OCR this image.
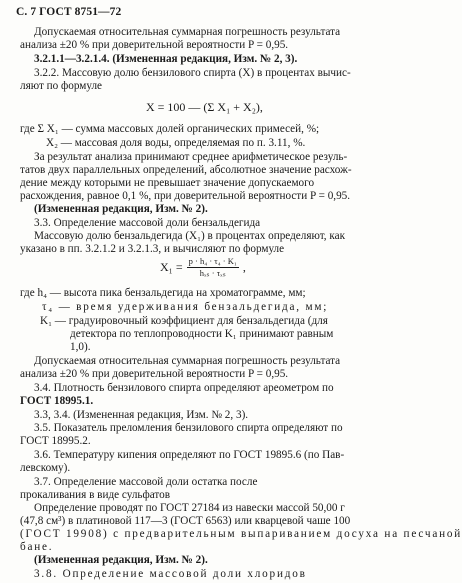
С. 7 ГОСТ 8751—72
Допускаемая относительная суммарная погрешность результата
анализа ±20 % при доверительной вероятности P = 0,95.
3.2.1.1—3.2.1.4. (Измененная редакция, Изм. № 2, 3).
3.2.2. Массовую долю бензилового спирта (X) в процентах вычис-
ляют по формуле
где Σ X₁ — сумма массовых долей органических примесей, %;
X₂ — массовая доля воды, определяемая по п. 3.11, %.
За результат анализа принимают среднее арифметическое резуль-
татов двух параллельных определений, абсолютное значение расхож-
дение между которыми не превышает значение допускаемого
расхождения, равное 0,1 %, при доверительной вероятности P = 0,95.
(Измененная редакция, Изм. № 2).
3.3. Определение массовой доли бензальдегида
Массовую долю бензальдегида (X₁) в процентах определяют, как
указано в пп. 3.2.1.2 и 3.2.1.3, и вычисляют по формуле
где h₄ — высота пика бензальдегида на хроматограмме, мм;
τ₄ — время удерживания бензальдегида, мм;
K₁ — градуировочный коэффициент для бензальдегида (для
детектора по теплопроводности K₁ принимают равным
1,0).
Допускаемая относительная суммарная погрешность результата
анализа ±20 % при доверительной вероятности P = 0,95.
3.4. Плотность бензилового спирта определяют ареометром по
ГОСТ 18995.1.
3.3, 3.4. (Измененная редакция, Изм. № 2, 3).
3.5. Показатель преломления бензилового спирта определяют по
ГОСТ 18995.2.
3.6. Температуру кипения определяют по ГОСТ 19895.6 (по Пав-
левскому).
3.7. Определение массовой доли остатка после
прокаливания в виде сульфатов
Определение проводят по ГОСТ 27184 из навески массой 50,00 г
(47,8 см³) в платиновой 117—3 (ГОСТ 6563) или кварцевой чаше 100
(ГОСТ 19908) с предварительным выпариванием досуха на песчаной
бане.
(Измененная редакция, Изм. № 2).
3.8. Определение массовой доли хлоридов
X = 100 — (Σ X₁ + X₂),
$X_1 = \frac{\text{p · h₄ · τ₄ · K₁}}{\text{hₓₛ · τₓₛ}}$ ,
